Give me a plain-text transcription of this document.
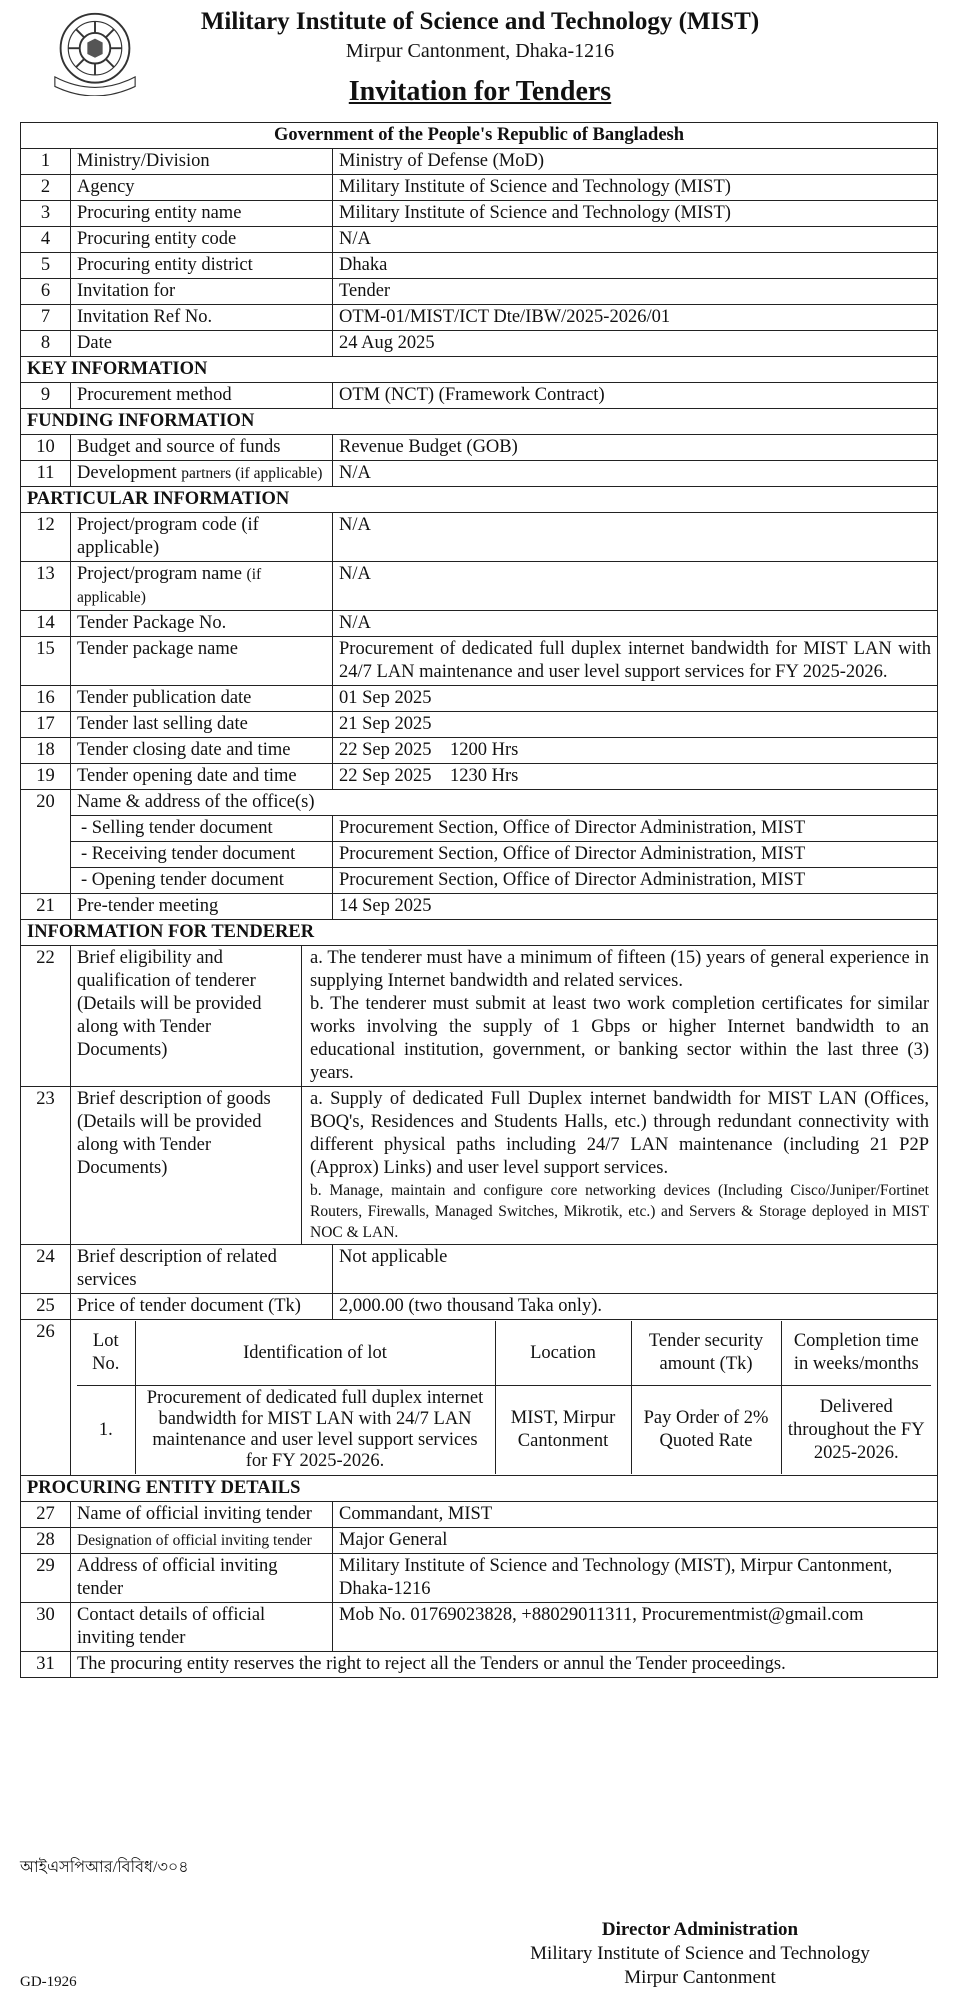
Military Institute of Science and Technology (MIST)
Mirpur Cantonment, Dhaka-1216
Invitation for Tenders
Government of the People's Republic of Bangladesh
1	Ministry/Division	Ministry of Defense (MoD)
2	Agency	Military Institute of Science and Technology (MIST)
3	Procuring entity name	Military Institute of Science and Technology (MIST)
4	Procuring entity code	N/A
5	Procuring entity district	Dhaka
6	Invitation for	Tender
7	Invitation Ref No.	OTM-01/MIST/ICT Dte/IBW/2025-2026/01
8	Date	24 Aug 2025
KEY INFORMATION
9	Procurement method	OTM (NCT) (Framework Contract)
FUNDING INFORMATION
10	Budget and source of funds	Revenue Budget (GOB)
11	Development partners (if applicable)	N/A
PARTICULAR INFORMATION
12	Project/program code (if applicable)	N/A
13	Project/program name (if applicable)	N/A
14	Tender Package No.	N/A
15	Tender package name	Procurement of dedicated full duplex internet bandwidth for MIST LAN with 24/7 LAN maintenance and user level support services for FY 2025-2026.
16	Tender publication date	01 Sep 2025
17	Tender last selling date	21 Sep 2025
18	Tender closing date and time	22 Sep 2025    1200 Hrs
19	Tender opening date and time	22 Sep 2025    1230 Hrs
20	Name & address of the office(s)
- Selling tender document	Procurement Section, Office of Director Administration, MIST
- Receiving tender document	Procurement Section, Office of Director Administration, MIST
- Opening tender document	Procurement Section, Office of Director Administration, MIST
21	Pre-tender meeting	14 Sep 2025
INFORMATION FOR TENDERER
22	Brief eligibility and qualification of tenderer (Details will be provided along with Tender Documents)
a. The tenderer must have a minimum of fifteen (15) years of general experience in supplying Internet bandwidth and related services.
b. The tenderer must submit at least two work completion certificates for similar works involving the supply of 1 Gbps or higher Internet bandwidth to an educational institution, government, or banking sector within the last three (3) years.

23	Brief description of goods (Details will be provided along with Tender Documents)
a. Supply of dedicated Full Duplex internet bandwidth for MIST LAN (Offices, BOQ's, Residences and Students Halls, etc.) through redundant connectivity with different physical paths including 24/7 LAN maintenance (including 21 P2P (Approx) Links) and user level support services.
b. Manage, maintain and configure core networking devices (Including Cisco/Juniper/Fortinet Routers, Firewalls, Managed Switches, Mikrotik, etc.) and Servers & Storage deployed in MIST NOC & LAN.

24	Brief description of related services	Not applicable
25	Price of tender document (Tk)	2,000.00 (two thousand Taka only).
26	Lot No.	Identification of lot	Location	Tender security amount (Tk)	Completion time in weeks/months
1.	Procurement of dedicated full duplex internet bandwidth for MIST LAN with 24/7 LAN maintenance and user level support services for FY 2025-2026.	MIST, Mirpur Cantonment	Pay Order of 2% Quoted Rate	Delivered throughout the FY 2025-2026.

PROCURING ENTITY DETAILS
27	Name of official inviting tender	Commandant, MIST
28	Designation of official inviting tender	Major General
29	Address of official inviting tender	Military Institute of Science and Technology (MIST), Mirpur Cantonment, Dhaka-1216
30	Contact details of official inviting tender	Mob No. 01769023828, +88029011311, Procurementmist@gmail.com
31	The procuring entity reserves the right to reject all the Tenders or annul the Tender proceedings.
আইএসপিআর/বিবিধ/৩০৪
GD-1926
Director Administration
Military Institute of Science and Technology
Mirpur Cantonment
